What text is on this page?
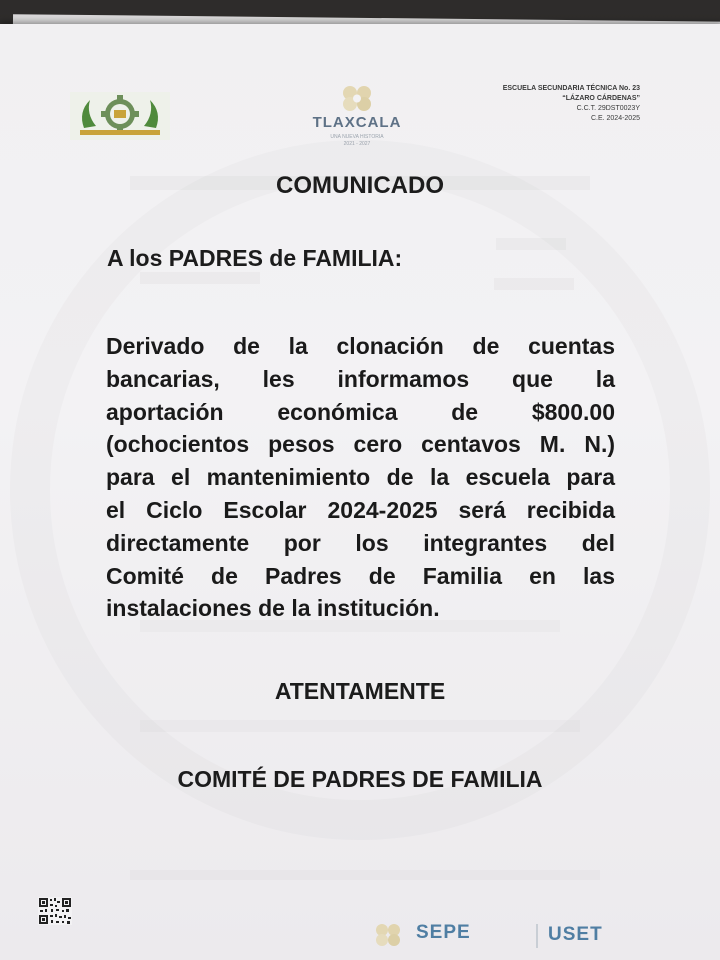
TLAXCALA
UNA NUEVA HISTORIA
2021 - 2027
ESCUELA SECUNDARIA TÉCNICA No. 23
“LÁZARO CÁRDENAS”
C.C.T. 29DST0023Y
C.E. 2024-2025
COMUNICADO
A los PADRES de FAMILIA:
Derivado de la clonación de cuentas
bancarias, les informamos que la
aportación económica de $800.00
(ochocientos pesos cero centavos M. N.)
para el mantenimiento de la escuela para
el Ciclo Escolar 2024-2025 será recibida
directamente por los integrantes del
Comité de Padres de Familia en las
instalaciones de la institución.
ATENTAMENTE
COMITÉ DE PADRES DE FAMILIA
SEPE	USET
